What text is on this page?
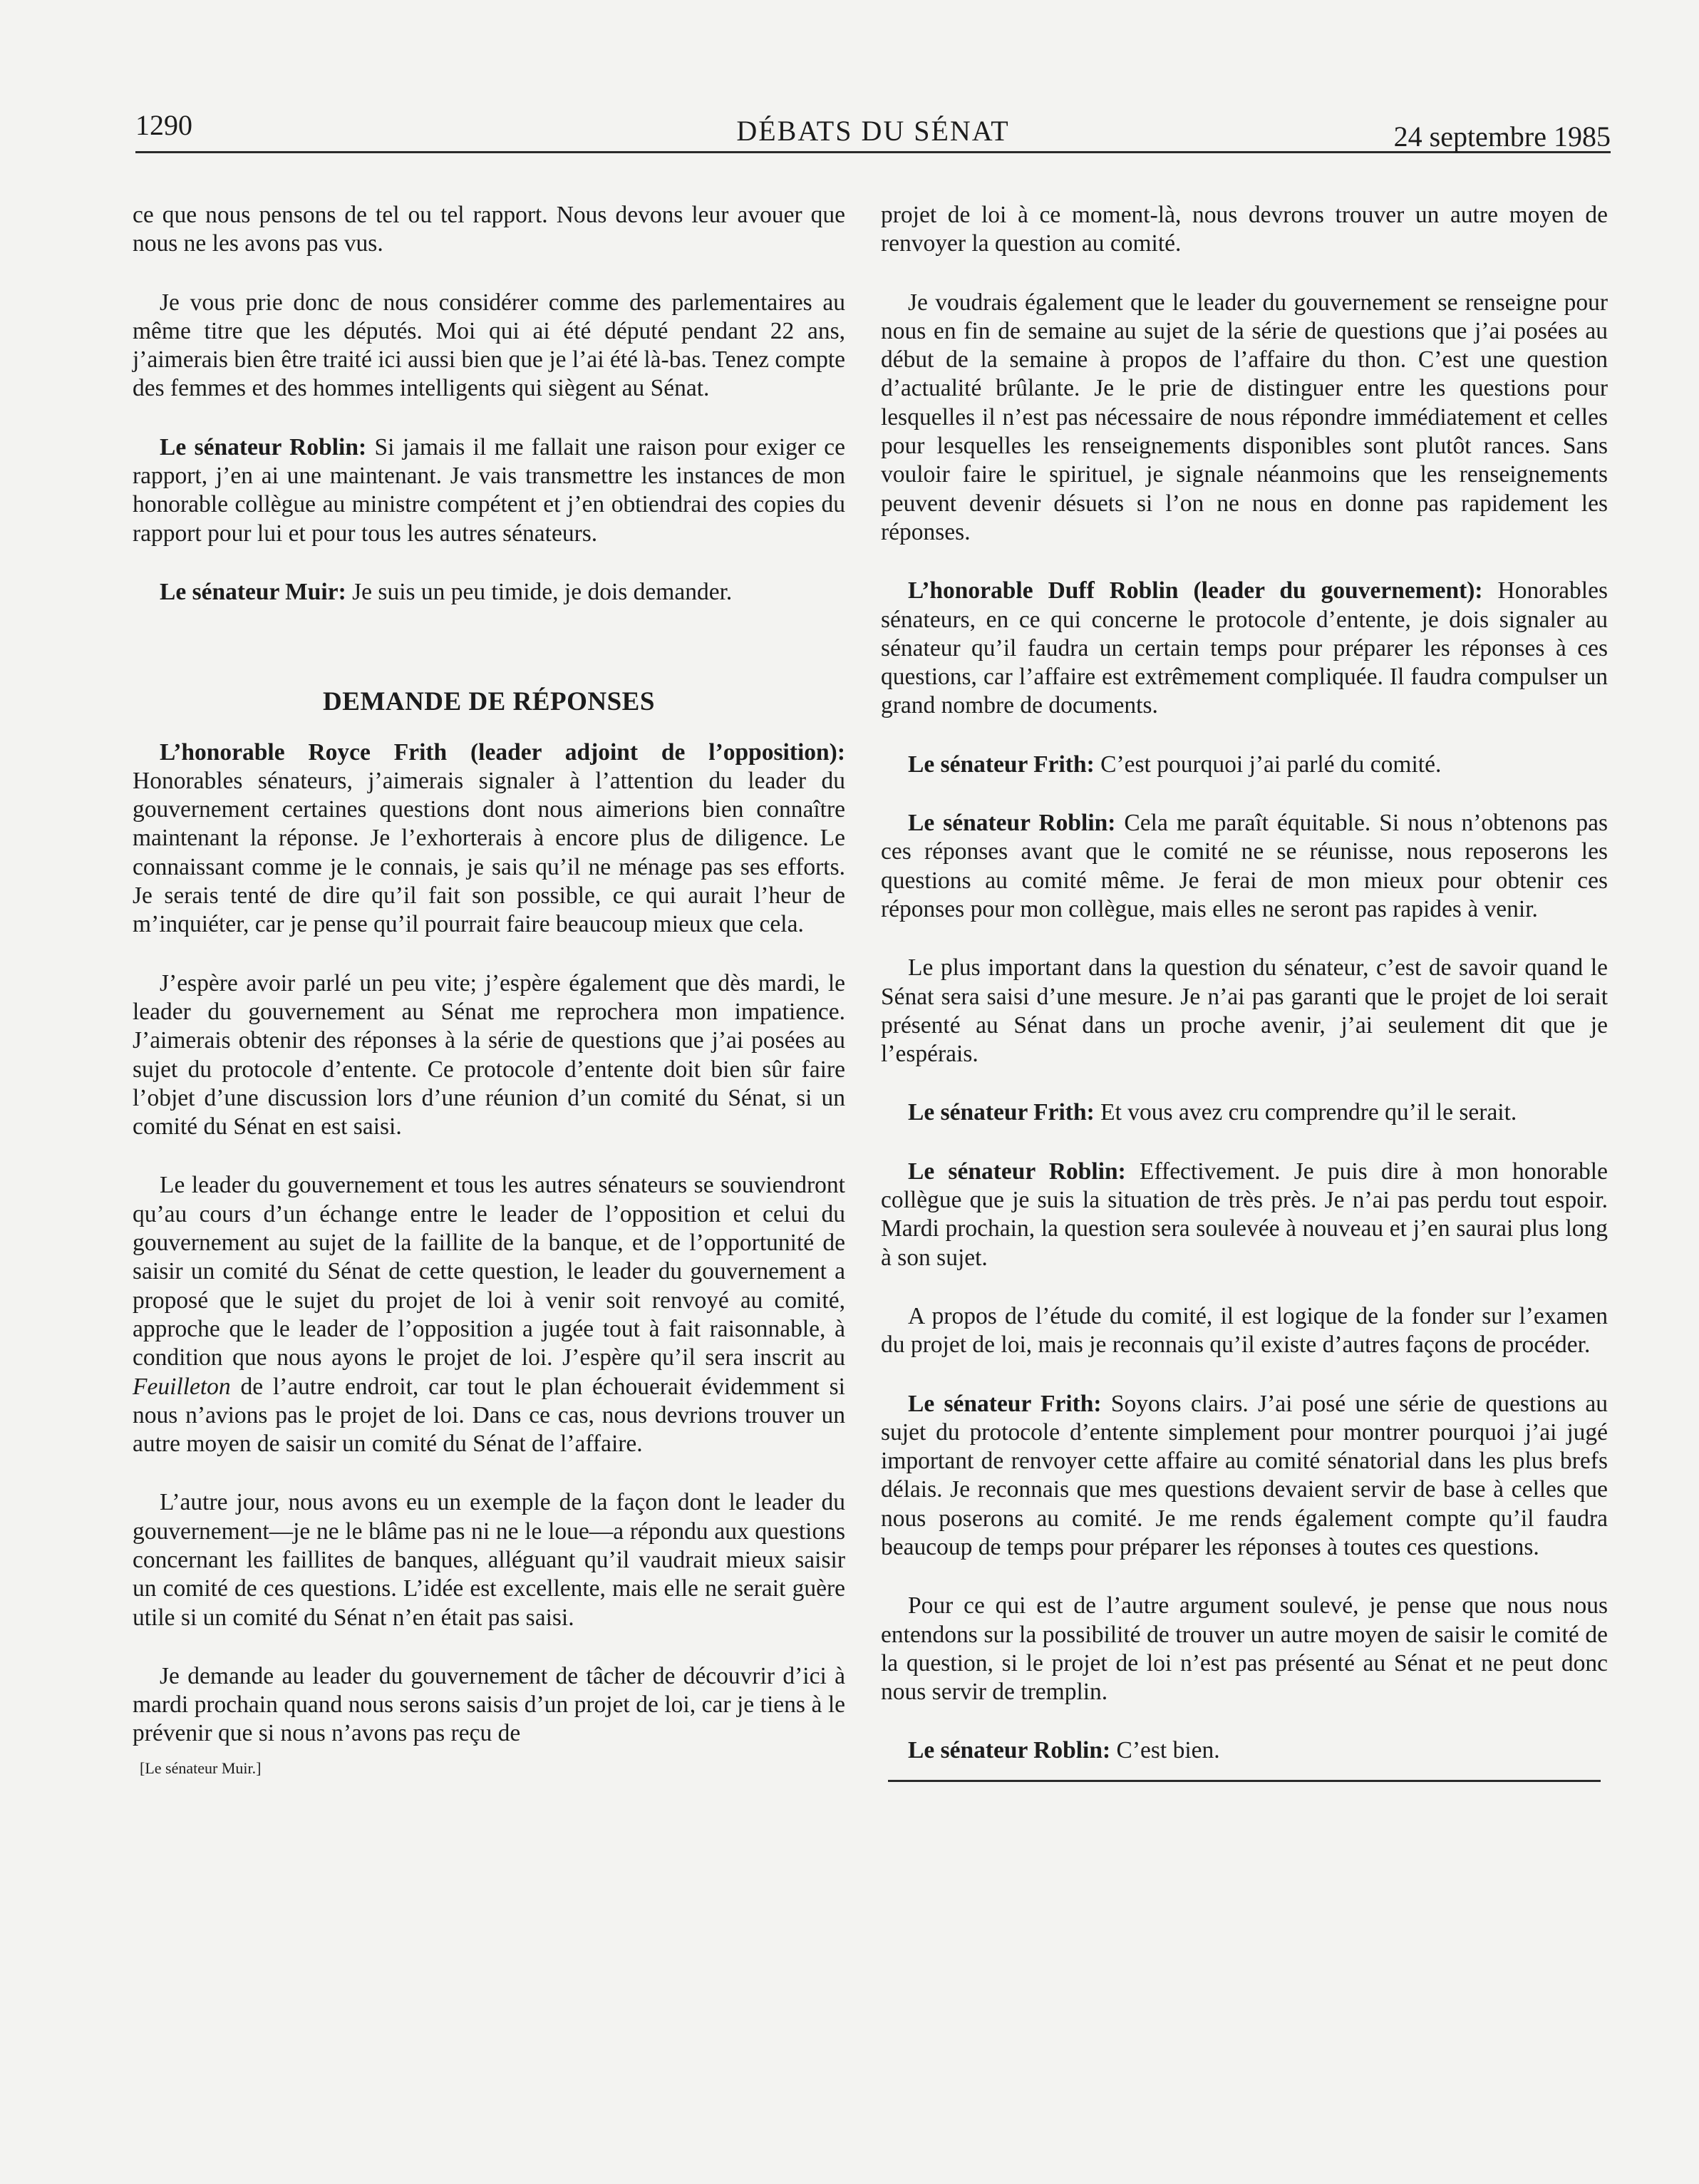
1290	DÉBATS DU SÉNAT	24 septembre 1985

ce que nous pensons de tel ou tel rapport. Nous devons leur avouer que nous ne les avons pas vus.

Je vous prie donc de nous considérer comme des parlementaires au même titre que les députés. Moi qui ai été député pendant 22 ans, j’aimerais bien être traité ici aussi bien que je l’ai été là-bas. Tenez compte des femmes et des hommes intelligents qui siègent au Sénat.

Le sénateur Roblin: Si jamais il me fallait une raison pour exiger ce rapport, j’en ai une maintenant. Je vais transmettre les instances de mon honorable collègue au ministre compétent et j’en obtiendrai des copies du rapport pour lui et pour tous les autres sénateurs.

Le sénateur Muir: Je suis un peu timide, je dois demander.

DEMANDE DE RÉPONSES

L’honorable Royce Frith (leader adjoint de l’opposition): Honorables sénateurs, j’aimerais signaler à l’attention du leader du gouvernement certaines questions dont nous aimerions bien connaître maintenant la réponse. Je l’exhorterais à encore plus de diligence. Le connaissant comme je le connais, je sais qu’il ne ménage pas ses efforts. Je serais tenté de dire qu’il fait son possible, ce qui aurait l’heur de m’inquiéter, car je pense qu’il pourrait faire beaucoup mieux que cela.

J’espère avoir parlé un peu vite; j’espère également que dès mardi, le leader du gouvernement au Sénat me reprochera mon impatience. J’aimerais obtenir des réponses à la série de questions que j’ai posées au sujet du protocole d’entente. Ce protocole d’entente doit bien sûr faire l’objet d’une discussion lors d’une réunion d’un comité du Sénat, si un comité du Sénat en est saisi.

Le leader du gouvernement et tous les autres sénateurs se souviendront qu’au cours d’un échange entre le leader de l’opposition et celui du gouvernement au sujet de la faillite de la banque, et de l’opportunité de saisir un comité du Sénat de cette question, le leader du gouvernement a proposé que le sujet du projet de loi à venir soit renvoyé au comité, approche que le leader de l’opposition a jugée tout à fait raisonnable, à condition que nous ayons le projet de loi. J’espère qu’il sera inscrit au Feuilleton de l’autre endroit, car tout le plan échouerait évidemment si nous n’avions pas le projet de loi. Dans ce cas, nous devrions trouver un autre moyen de saisir un comité du Sénat de l’affaire.

L’autre jour, nous avons eu un exemple de la façon dont le leader du gouvernement—je ne le blâme pas ni ne le loue—a répondu aux questions concernant les faillites de banques, alléguant qu’il vaudrait mieux saisir un comité de ces questions. L’idée est excellente, mais elle ne serait guère utile si un comité du Sénat n’en était pas saisi.

Je demande au leader du gouvernement de tâcher de découvrir d’ici à mardi prochain quand nous serons saisis d’un projet de loi, car je tiens à le prévenir que si nous n’avons pas reçu de

[Le sénateur Muir.]

projet de loi à ce moment-là, nous devrons trouver un autre moyen de renvoyer la question au comité.

Je voudrais également que le leader du gouvernement se renseigne pour nous en fin de semaine au sujet de la série de questions que j’ai posées au début de la semaine à propos de l’affaire du thon. C’est une question d’actualité brûlante. Je le prie de distinguer entre les questions pour lesquelles il n’est pas nécessaire de nous répondre immédiatement et celles pour lesquelles les renseignements disponibles sont plutôt rances. Sans vouloir faire le spirituel, je signale néanmoins que les renseignements peuvent devenir désuets si l’on ne nous en donne pas rapidement les réponses.

L’honorable Duff Roblin (leader du gouvernement): Honorables sénateurs, en ce qui concerne le protocole d’entente, je dois signaler au sénateur qu’il faudra un certain temps pour préparer les réponses à ces questions, car l’affaire est extrêmement compliquée. Il faudra compulser un grand nombre de documents.

Le sénateur Frith: C’est pourquoi j’ai parlé du comité.

Le sénateur Roblin: Cela me paraît équitable. Si nous n’obtenons pas ces réponses avant que le comité ne se réunisse, nous reposerons les questions au comité même. Je ferai de mon mieux pour obtenir ces réponses pour mon collègue, mais elles ne seront pas rapides à venir.

Le plus important dans la question du sénateur, c’est de savoir quand le Sénat sera saisi d’une mesure. Je n’ai pas garanti que le projet de loi serait présenté au Sénat dans un proche avenir, j’ai seulement dit que je l’espérais.

Le sénateur Frith: Et vous avez cru comprendre qu’il le serait.

Le sénateur Roblin: Effectivement. Je puis dire à mon honorable collègue que je suis la situation de très près. Je n’ai pas perdu tout espoir. Mardi prochain, la question sera soulevée à nouveau et j’en saurai plus long à son sujet.

A propos de l’étude du comité, il est logique de la fonder sur l’examen du projet de loi, mais je reconnais qu’il existe d’autres façons de procéder.

Le sénateur Frith: Soyons clairs. J’ai posé une série de questions au sujet du protocole d’entente simplement pour montrer pourquoi j’ai jugé important de renvoyer cette affaire au comité sénatorial dans les plus brefs délais. Je reconnais que mes questions devaient servir de base à celles que nous poserons au comité. Je me rends également compte qu’il faudra beaucoup de temps pour préparer les réponses à toutes ces questions.

Pour ce qui est de l’autre argument soulevé, je pense que nous nous entendons sur la possibilité de trouver un autre moyen de saisir le comité de la question, si le projet de loi n’est pas présenté au Sénat et ne peut donc nous servir de tremplin.

Le sénateur Roblin: C’est bien.
